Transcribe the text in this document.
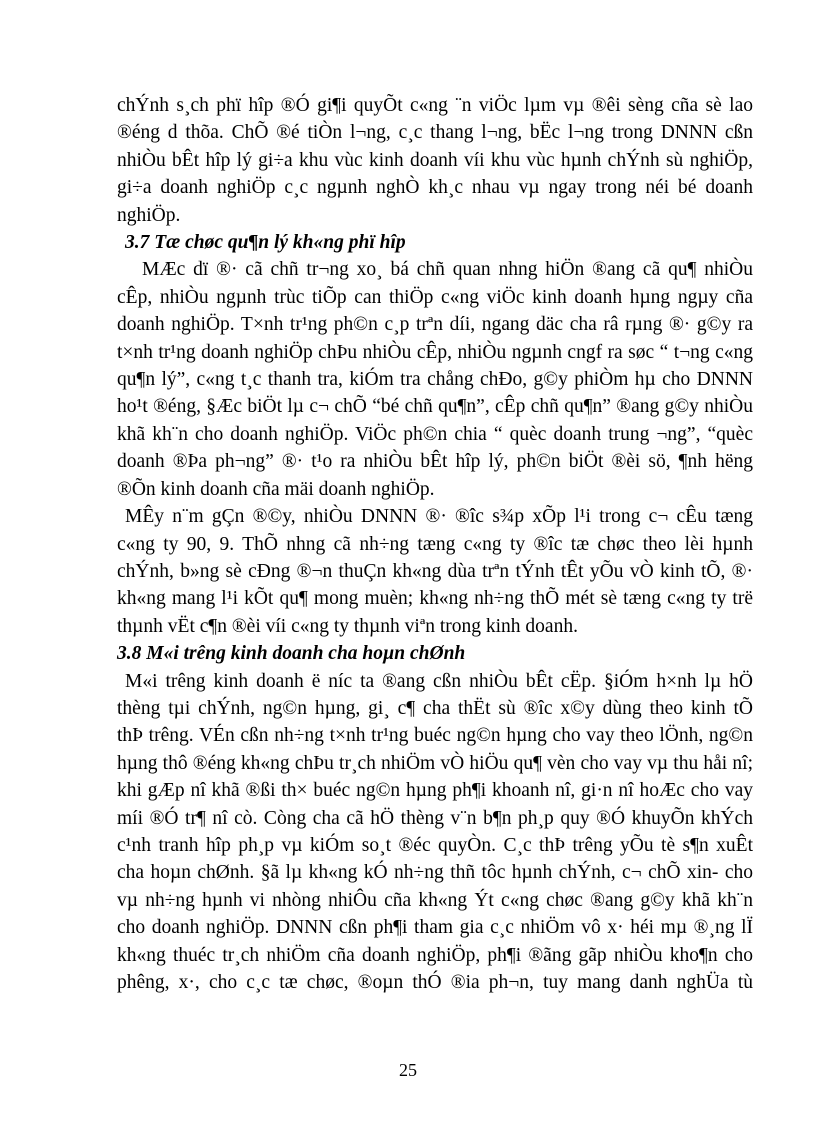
chÝnh s¸ch phï hîp ®Ó gi¶i quyÕt c«ng ¨n viÖc lµm vµ ®êi sèng cña sè lao
®éng d thõa. ChÕ ®é tiÒn l¬ng, c¸c thang l¬ng, bËc l¬ng trong DNNN cßn
nhiÒu bÊt hîp lý gi÷a khu vùc kinh doanh víi khu vùc hµnh chÝnh sù nghiÖp,
gi÷a doanh nghiÖp c¸c ngµnh nghÒ kh¸c nhau vµ ngay trong néi bé doanh
nghiÖp.
3.7 Tæ chøc qu¶n lý kh«ng phï hîp
MÆc dï ®· cã chñ tr¬ng xo¸ bá chñ quan nhng hiÖn ®ang cã qu¶ nhiÒu
cÊp, nhiÒu ngµnh trùc tiÕp can thiÖp c«ng viÖc kinh doanh hµng ngµy cña
doanh nghiÖp. T×nh tr¹ng ph©n c¸p trªn díi, ngang däc cha râ rµng ®· g©y ra
t×nh tr¹ng doanh nghiÖp chÞu nhiÒu cÊp, nhiÒu ngµnh cngf ra søc “ t¬ng c«ng
qu¶n lý”, c«ng t¸c thanh tra, kiÓm tra chång chÐo, g©y phiÒm hµ cho DNNN
ho¹t ®éng, §Æc biÖt lµ c¬ chÕ “bé chñ qu¶n”, cÊp chñ qu¶n” ®ang g©y nhiÒu
khã kh¨n cho doanh nghiÖp. ViÖc ph©n chia “ quèc doanh trung ¬ng”, “quèc
doanh ®Þa ph¬ng” ®· t¹o ra nhiÒu bÊt hîp lý, ph©n biÖt ®èi sö, ¶nh hëng
®Õn kinh doanh cña mäi doanh nghiÖp.
MÊy n¨m gÇn ®©y, nhiÒu DNNN ®· ®îc s¾p xÕp l¹i trong c¬ cÊu tæng
c«ng ty 90, 9. ThÕ nhng cã nh÷ng tæng c«ng ty ®îc tæ chøc theo lèi hµnh
chÝnh, b»ng sè cÐng ®¬n thuÇn kh«ng dùa trªn tÝnh tÊt yÕu vÒ kinh tÕ, ®·
kh«ng mang l¹i kÕt qu¶ mong muèn; kh«ng nh÷ng thÕ mét sè tæng c«ng ty trë
thµnh vËt c¶n ®èi víi c«ng ty thµnh viªn trong kinh doanh.
3.8 M«i trêng kinh doanh cha hoµn chØnh
M«i trêng kinh doanh ë níc ta ®ang cßn nhiÒu bÊt cËp. §iÓm h×nh lµ hÖ
thèng tµi chÝnh, ng©n hµng, gi¸ c¶ cha thËt sù ®îc x©y dùng theo kinh tÕ
thÞ trêng. VÉn cßn nh÷ng t×nh tr¹ng buéc ng©n hµng cho vay theo lÖnh, ng©n
hµng thô ®éng kh«ng chÞu tr¸ch nhiÖm vÒ hiÖu qu¶ vèn cho vay vµ thu håi nî;
khi gÆp nî khã ®ßi th× buéc ng©n hµng ph¶i khoanh nî, gi·n nî hoÆc cho vay
míi ®Ó tr¶ nî cò. Còng cha cã hÖ thèng v¨n b¶n ph¸p quy ®Ó khuyÕn khÝch
c¹nh tranh hîp ph¸p vµ kiÓm so¸t ®éc quyÒn. C¸c thÞ trêng yÕu tè s¶n xuÊt
cha hoµn chØnh. §ã lµ kh«ng kÓ nh÷ng thñ tôc hµnh chÝnh, c¬ chÕ xin- cho
vµ nh÷ng hµnh vi nhòng nhiÔu cña kh«ng Ýt c«ng chøc ®ang g©y khã kh¨n
cho doanh nghiÖp. DNNN cßn ph¶i tham gia c¸c nhiÖm vô x· héi mµ ®¸ng lÏ
kh«ng thuéc tr¸ch nhiÖm cña doanh nghiÖp, ph¶i ®ãng gãp nhiÒu kho¶n cho
phêng, x·, cho c¸c tæ chøc, ®oµn thÓ ®ia ph¬n, tuy mang danh nghÜa tù
25
